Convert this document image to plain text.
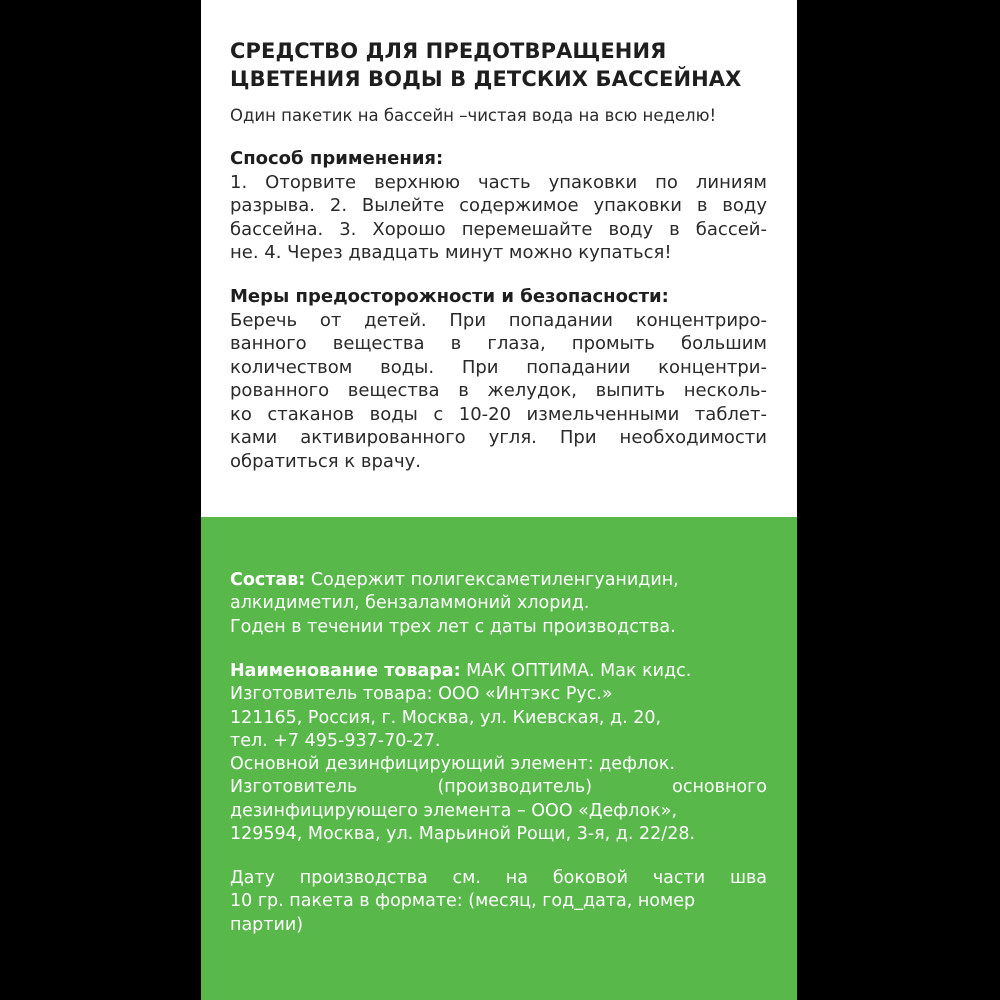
СРЕДСТВО ДЛЯ ПРЕДОТВРАЩЕНИЯ
ЦВЕТЕНИЯ ВОДЫ В ДЕТСКИХ БАССЕЙНАХ

Один пакетик на бассейн –чистая вода на всю неделю!

Способ применения:
1. Оторвите верхнюю часть упаковки по линиям
разрыва. 2. Вылейте содержимое упаковки в воду
бассейна. 3. Хорошо перемешайте воду в бассей-
не. 4. Через двадцать минут можно купаться!
Меры предосторожности и безопасности:
Беречь от детей. При попадании концентриро-
ванного вещества в глаза, промыть большим
количеством воды. При попадании концентри-
рованного вещества в желудок, выпить несколь-
ко стаканов воды с 10-20 измельченными таблет-
ками активированного угля. При необходимости
обратиться к врачу.
Состав: Содержит полигексаметиленгуанидин,
алкидиметил, бензаламмоний хлорид.
Годен в течении трех лет с даты производства.
Наименование товара: МАК ОПТИМА. Мак кидс.
Изготовитель товара: ООО «Интэкс Рус.»
121165, Россия, г. Москва, ул. Киевская, д. 20,
тел. +7 495-937-70-27.
Основной дезинфицирующий элемент: дефлок.
Изготовитель (производитель) основного
дезинфицирующего элемента – ООО «Дефлок»,
129594, Москва, ул. Марьиной Рощи, 3-я, д. 22/28.
Дату производства см. на боковой части шва
10 гр. пакета в формате: (месяц, год_дата, номер
партии)
